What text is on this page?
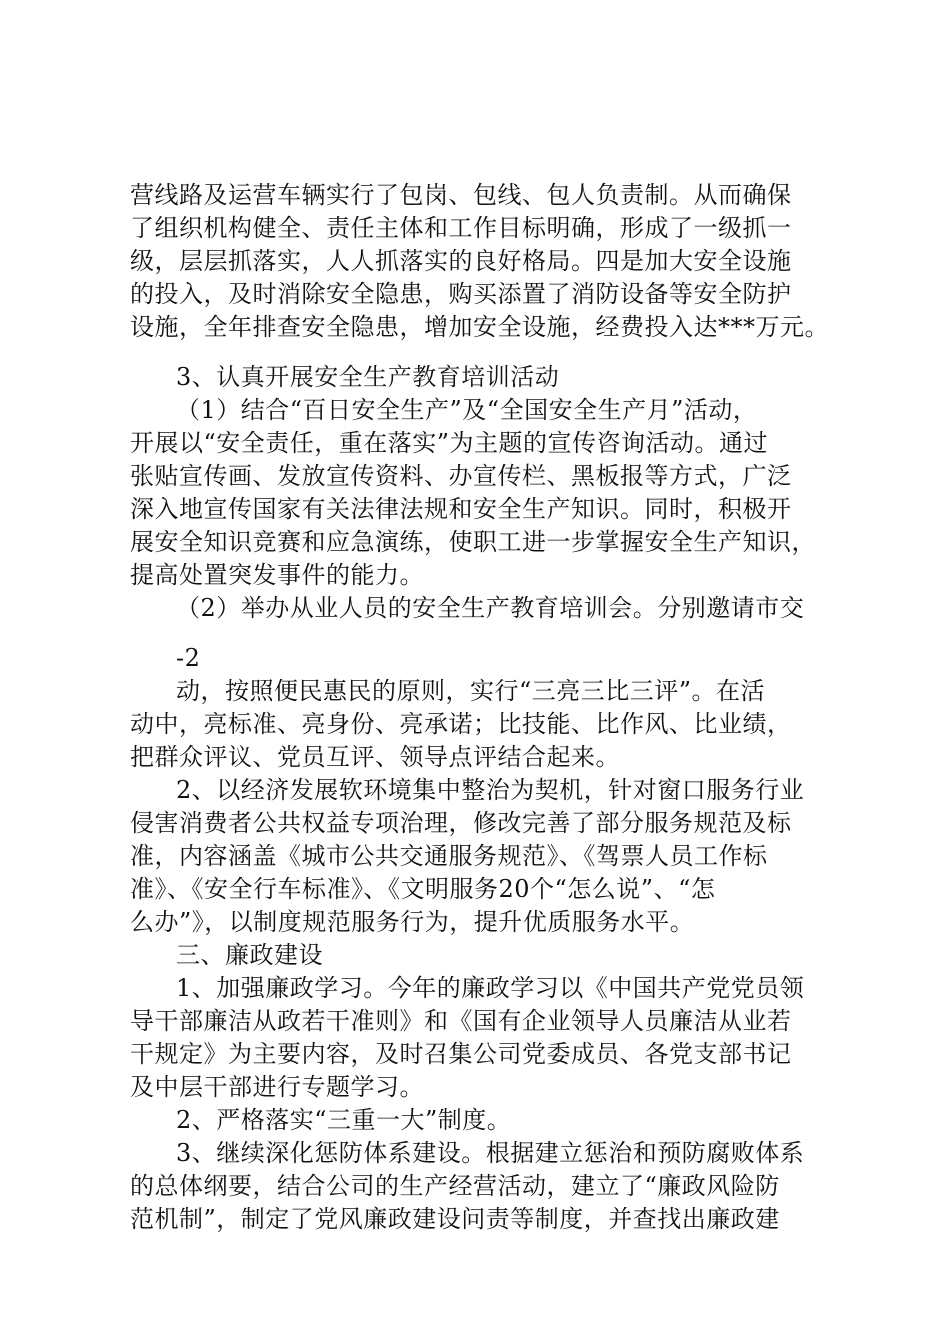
营线路及运营车辆实行了包岗、包线、包人负责制。从而确保
了组织机构健全、责任主体和工作目标明确，形成了一级抓一
级，层层抓落实，人人抓落实的良好格局。四是加大安全设施
的投入，及时消除安全隐患，购买添置了消防设备等安全防护
设施，全年排查安全隐患，增加安全设施，经费投入达***万元。
3、认真开展安全生产教育培训活动
（1）结合“百日安全生产”及“全国安全生产月”活动，
开展以“安全责任，重在落实”为主题的宣传咨询活动。通过
张贴宣传画、发放宣传资料、办宣传栏、黑板报等方式，广泛
深入地宣传国家有关法律法规和安全生产知识。同时，积极开
展安全知识竞赛和应急演练，使职工进一步掌握安全生产知识，
提高处置突发事件的能力。
（2）举办从业人员的安全生产教育培训会。分别邀请市交
-2
动，按照便民惠民的原则，实行“三亮三比三评”。在活
动中，亮标准、亮身份、亮承诺；比技能、比作风、比业绩，
把群众评议、党员互评、领导点评结合起来。
2、以经济发展软环境集中整治为契机，针对窗口服务行业
侵害消费者公共权益专项治理，修改完善了部分服务规范及标
准，内容涵盖《城市公共交通服务规范》、《驾票人员工作标
准》、《安全行车标准》、《文明服务20个“怎么说”、“怎
么办”》，以制度规范服务行为，提升优质服务水平。
三、廉政建设
1、加强廉政学习。今年的廉政学习以《中国共产党党员领
导干部廉洁从政若干准则》和《国有企业领导人员廉洁从业若
干规定》为主要内容，及时召集公司党委成员、各党支部书记
及中层干部进行专题学习。
2、严格落实“三重一大”制度。
3、继续深化惩防体系建设。根据建立惩治和预防腐败体系
的总体纲要，结合公司的生产经营活动，建立了“廉政风险防
范机制”，制定了党风廉政建设问责等制度，并查找出廉政建
